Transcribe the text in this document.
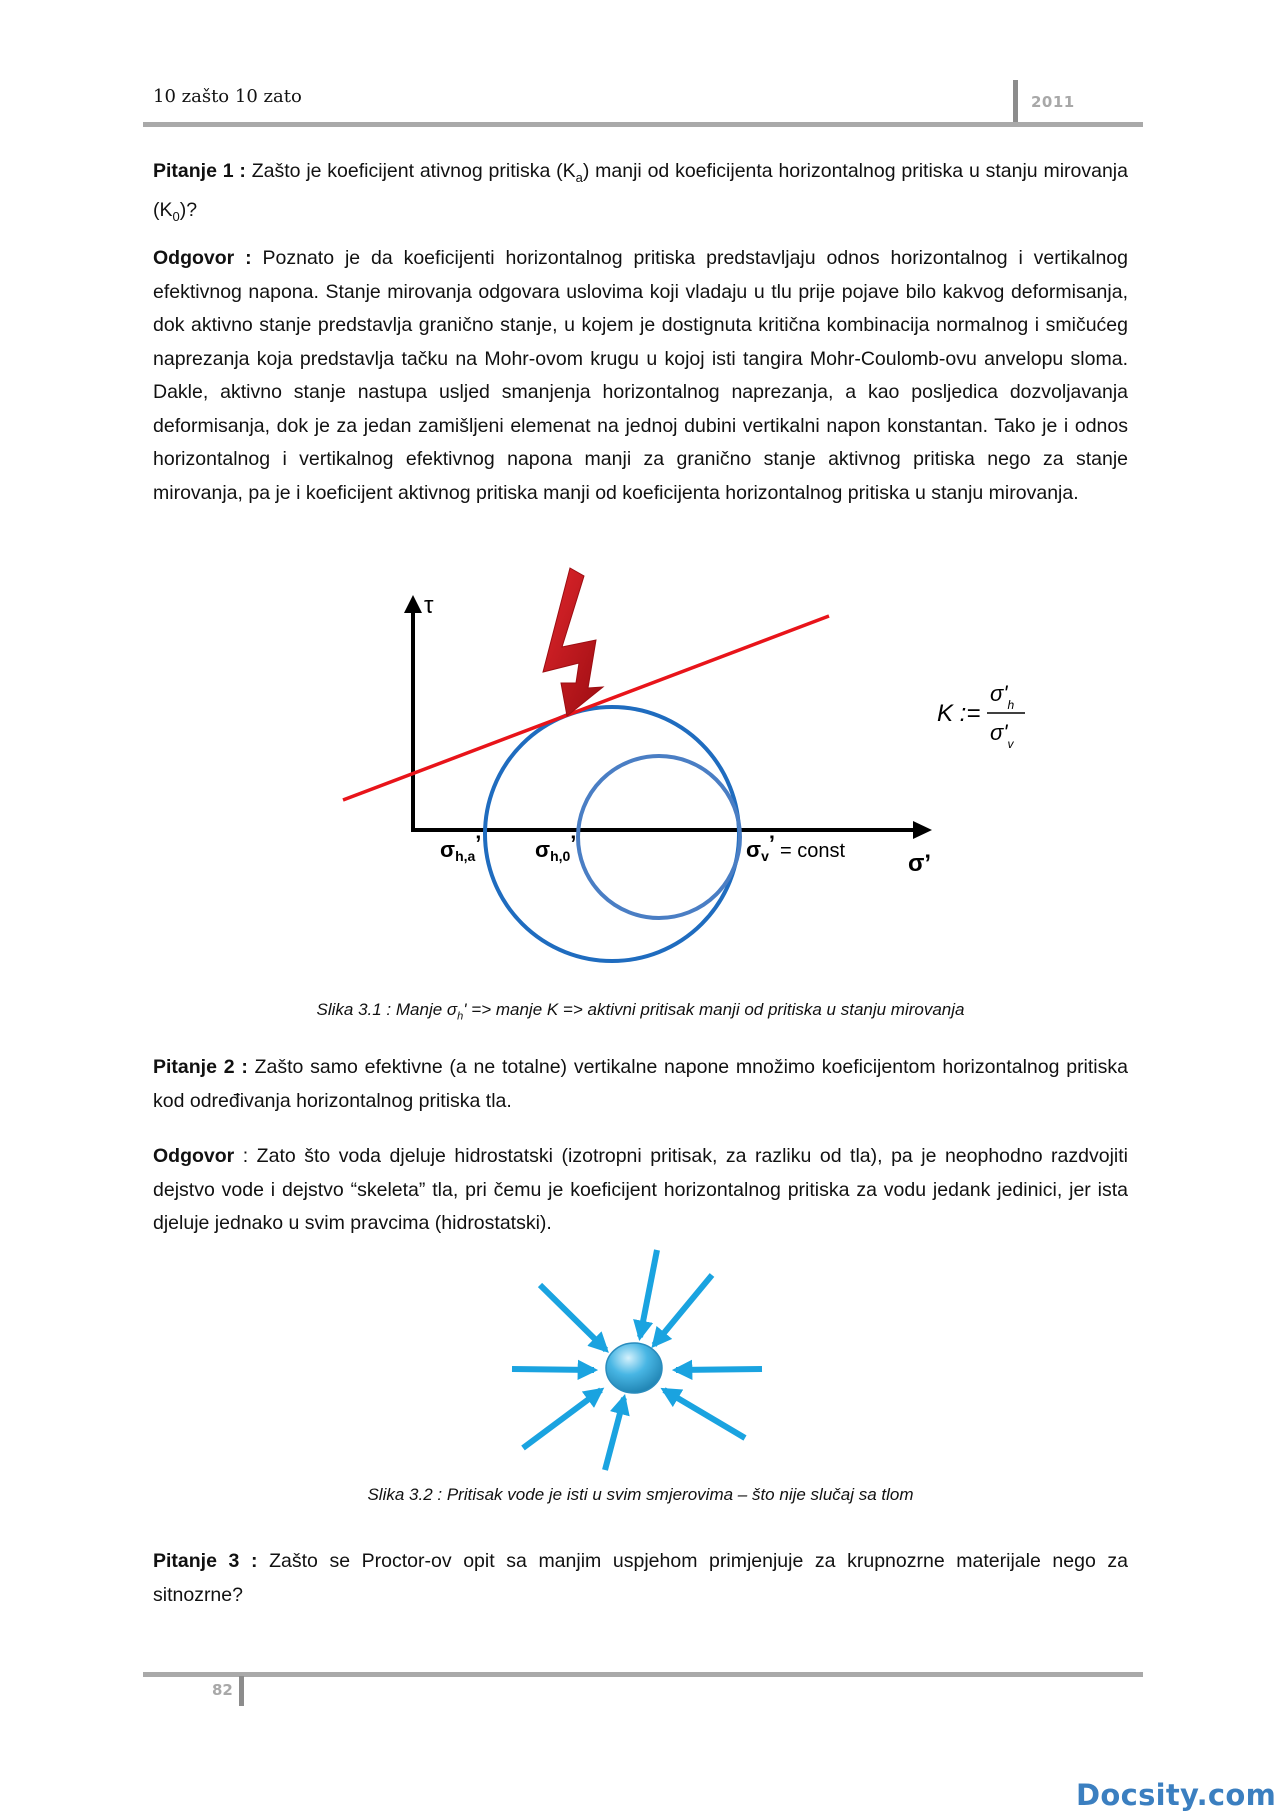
10 zašto 10 zato	2011

Pitanje 1 : Zašto je koeficijent ativnog pritiska $(K_a)$ manji od koeficijenta horizontalnog pritiska u stanju mirovanja $(K_0)$?

Odgovor : Poznato je da koeficijenti horizontalnog pritiska predstavljaju odnos horizontalnog i vertikalnog efektivnog napona. Stanje mirovanja odgovara uslovima koji vladaju u tlu prije pojave bilo kakvog deformisanja, dok aktivno stanje predstavlja granično stanje, u kojem je dostignuta kritična kombinacija normalnog i smičućeg naprezanja koja predstavlja tačku na Mohr-ovom krugu u kojoj isti tangira Mohr-Coulomb-ovu anvelopu sloma. Dakle, aktivno stanje nastupa usljed smanjenja horizontalnog naprezanja, a kao posljedica dozvoljavanja deformisanja, dok je za jedan zamišljeni elemenat na jednoj dubini vertikalni napon konstantan. Tako je i odnos horizontalnog i vertikalnog efektivnog napona manji za granično stanje aktivnog pritiska nego za stanje mirovanja, pa je i koeficijent aktivnog pritiska manji od koeficijenta horizontalnog pritiska u stanju mirovanja.

τ
σ’
σh,a’ σh,0’	σv’ = const
K :=
$\sigma'_h$
$\sigma'_v$
Slika 3.1 : Manje $\sigma_h'$ => manje K => aktivni pritisak manji od pritiska u stanju mirovanja

Pitanje 2 : Zašto samo efektivne (a ne totalne) vertikalne napone množimo koeficijentom horizontalnog pritiska kod određivanja horizontalnog pritiska tla.

Odgovor : Zato što voda djeluje hidrostatski (izotropni pritisak, za razliku od tla), pa je neophodno razdvojiti dejstvo vode i dejstvo “skeleta” tla, pri čemu je koeficijent horizontalnog pritiska za vodu jedank jedinici, jer ista djeluje jednako u svim pravcima (hidrostatski).

Slika 3.2 : Pritisak vode je isti u svim smjerovima – što nije slučaj sa tlom

Pitanje 3 : Zašto se Proctor-ov opit sa manjim uspjehom primjenjuje za krupnozrne materijale nego za sitnozrne?

82
Docsity.com
